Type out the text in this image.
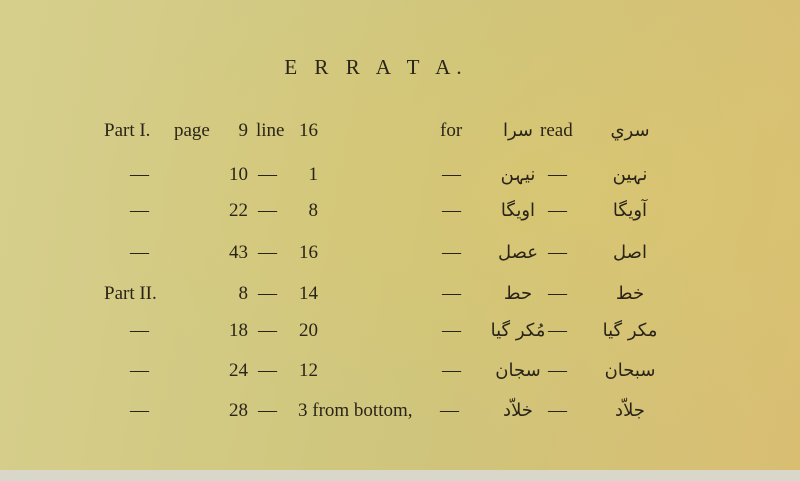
E R R A T A.
Part I. page	9 line 16	for	سرا read	سري
—	10 —	1	—	نيہن —	نہين
—	22 —	8	—	اويگا —	آويگا
—	43 —	16	—	عصل —	اصل
Part II.	8 —	14	—	حط —	خط
—	18 —	20	— مُکر گيا — مکر گيا
—	24 —	12	—	سجان —	سبحان
—	28 — 3 from bottom, —	خلاّد —	جلاّد
